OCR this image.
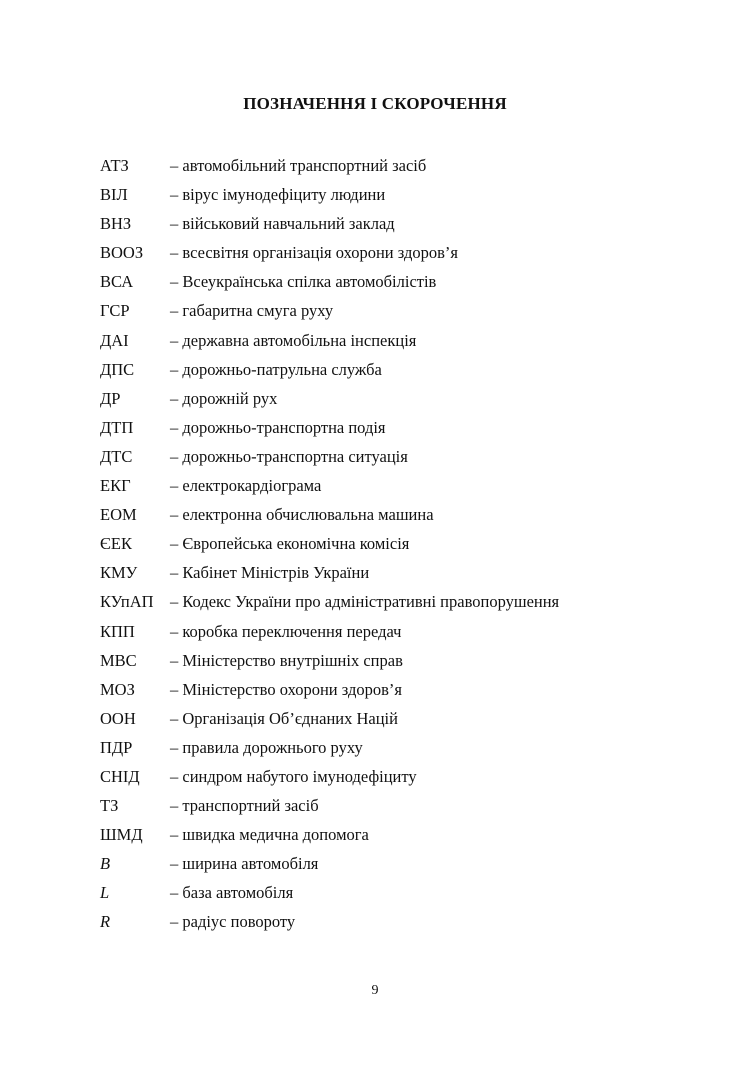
ПОЗНАЧЕННЯ І СКОРОЧЕННЯ
АТЗ – автомобільний транспортний засіб
ВІЛ	– вірус імунодефіциту людини
ВНЗ – військовий навчальний заклад
ВООЗ – всесвітня організація охорони здоров’я
ВСА – Всеукраїнська спілка автомобілістів
ГСР – габаритна смуга руху
ДАІ	– державна автомобільна інспекція
ДПС – дорожньо-патрульна служба
ДР	– дорожній рух
ДТП – дорожньо-транспортна подія
ДТС – дорожньо-транспортна ситуація
ЕКГ – електрокардіограма
ЕОМ – електронна обчислювальна машина
ЄЕК – Європейська економічна комісія
КМУ – Кабінет Міністрів України
КУпАП – Кодекс України про адміністративні правопорушення
КПП – коробка переключення передач
МВС – Міністерство внутрішніх справ
МОЗ – Міністерство охорони здоров’я
ООН – Організація Об’єднаних Націй
ПДР – правила дорожнього руху
СНІД – синдром набутого імунодефіциту
ТЗ	– транспортний засіб
ШМД – швидка медична допомога
B	– ширина автомобіля
L	– база автомобіля
R	– радіус повороту
9
